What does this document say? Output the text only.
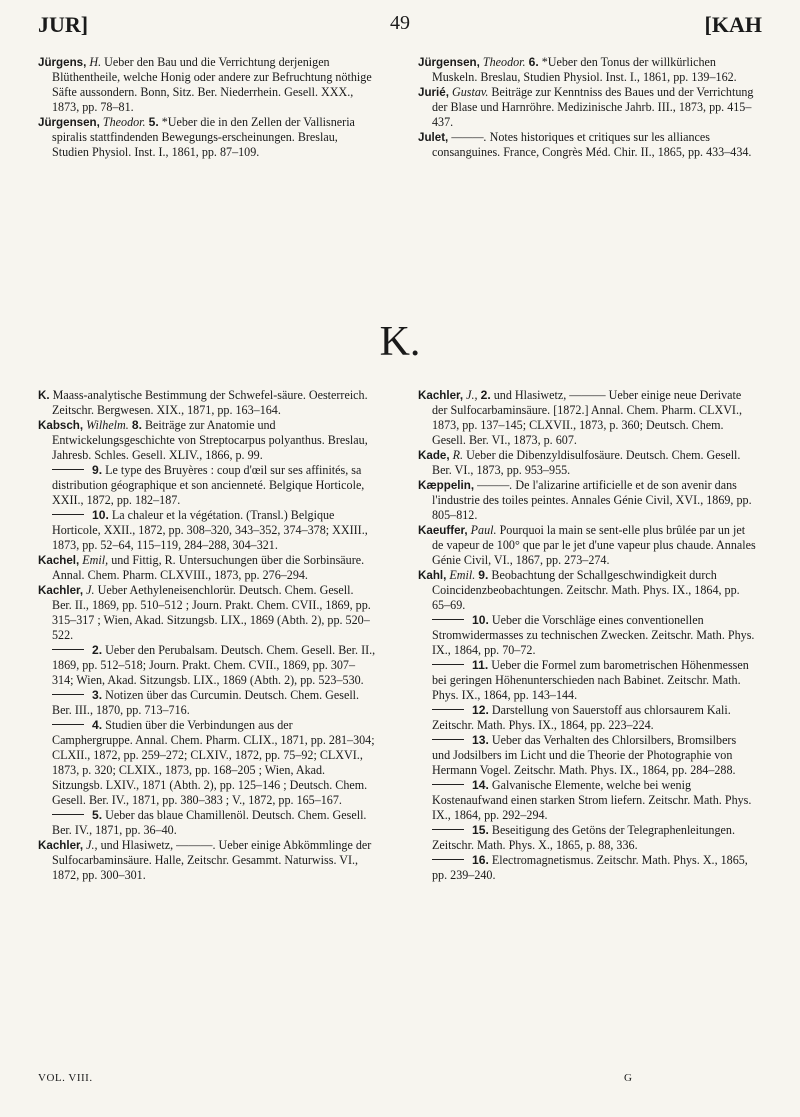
JUR]	49	[KAH

Jürgens, H. Ueber den Bau und die Verrichtung derjenigen Blüthentheile, welche Honig oder andere zur Befruchtung nöthige Säfte aussondern. Bonn, Sitz. Ber. Niederrhein. Gesell. XXX., 1873, pp. 78–81.

Jürgensen, Theodor. 5. *Ueber die in den Zellen der Vallisneria spiralis stattfindenden Bewegungs-erscheinungen. Breslau, Studien Physiol. Inst. I., 1861, pp. 87–109.

Jürgensen, Theodor. 6. *Ueber den Tonus der willkürlichen Muskeln. Breslau, Studien Physiol. Inst. I., 1861, pp. 139–162.

Jurié, Gustav. Beiträge zur Kenntniss des Baues und der Verrichtung der Blase und Harnröhre. Medizinische Jahrb. III., 1873, pp. 415–437.

Julet, ———. Notes historiques et critiques sur les alliances consanguines. France, Congrès Méd. Chir. II., 1865, pp. 433–434.

K.

K. Maass-analytische Bestimmung der Schwefel-säure. Oesterreich. Zeitschr. Bergwesen. XIX., 1871, pp. 163–164.

Kabsch, Wilhelm. 8. Beiträge zur Anatomie und Entwickelungsgeschichte von Streptocarpus polyanthus. Breslau, Jahresb. Schles. Gesell. XLIV., 1866, p. 99.

9. Le type des Bruyères : coup d'œil sur ses affinités, sa distribution géographique et son ancienneté. Belgique Horticole, XXII., 1872, pp. 182–187.

10. La chaleur et la végétation. (Transl.) Belgique Horticole, XXII., 1872, pp. 308–320, 343–352, 374–378; XXIII., 1873, pp. 52–64, 115–119, 284–288, 304–321.

Kachel, Emil, und Fittig, R. Untersuchungen über die Sorbinsäure. Annal. Chem. Pharm. CLXVIII., 1873, pp. 276–294.

Kachler, J. Ueber Aethyleneisenchlorür. Deutsch. Chem. Gesell. Ber. II., 1869, pp. 510–512 ; Journ. Prakt. Chem. CVII., 1869, pp. 315–317 ; Wien, Akad. Sitzungsb. LIX., 1869 (Abth. 2), pp. 520–522.

2. Ueber den Perubalsam. Deutsch. Chem. Gesell. Ber. II., 1869, pp. 512–518; Journ. Prakt. Chem. CVII., 1869, pp. 307–314; Wien, Akad. Sitzungsb. LIX., 1869 (Abth. 2), pp. 523–530.

3. Notizen über das Curcumin. Deutsch. Chem. Gesell. Ber. III., 1870, pp. 713–716.

4. Studien über die Verbindungen aus der Camphergruppe. Annal. Chem. Pharm. CLIX., 1871, pp. 281–304; CLXII., 1872, pp. 259–272; CLXIV., 1872, pp. 75–92; CLXVI., 1873, p. 320; CLXIX., 1873, pp. 168–205 ; Wien, Akad. Sitzungsb. LXIV., 1871 (Abth. 2), pp. 125–146 ; Deutsch. Chem. Gesell. Ber. IV., 1871, pp. 380–383 ; V., 1872, pp. 165–167.

5. Ueber das blaue Chamillenöl. Deutsch. Chem. Gesell. Ber. IV., 1871, pp. 36–40.

Kachler, J., und Hlasiwetz, ———. Ueber einige Abkömmlinge der Sulfocarbaminsäure. Halle, Zeitschr. Gesammt. Naturwiss. VI., 1872, pp. 300–301.

Kachler, J., 2. und Hlasiwetz, ——— Ueber einige neue Derivate der Sulfocarbaminsäure. [1872.] Annal. Chem. Pharm. CLXVI., 1873, pp. 137–145; CLXVII., 1873, p. 360; Deutsch. Chem. Gesell. Ber. VI., 1873, p. 607.

Kade, R. Ueber die Dibenzyldisulfosäure. Deutsch. Chem. Gesell. Ber. VI., 1873, pp. 953–955.

Kæppelin, ———. De l'alizarine artificielle et de son avenir dans l'industrie des toiles peintes. Annales Génie Civil, XVI., 1869, pp. 805–812.

Kaeuffer, Paul. Pourquoi la main se sent-elle plus brûlée par un jet de vapeur de 100° que par le jet d'une vapeur plus chaude. Annales Génie Civil, VI., 1867, pp. 273–274.

Kahl, Emil. 9. Beobachtung der Schallgeschwindigkeit durch Coincidenzbeobachtungen. Zeitschr. Math. Phys. IX., 1864, pp. 65–69.

10. Ueber die Vorschläge eines conventionellen Stromwidermasses zu technischen Zwecken. Zeitschr. Math. Phys. IX., 1864, pp. 70–72.

11. Ueber die Formel zum barometrischen Höhenmessen bei geringen Höhenunterschieden nach Babinet. Zeitschr. Math. Phys. IX., 1864, pp. 143–144.

12. Darstellung von Sauerstoff aus chlorsaurem Kali. Zeitschr. Math. Phys. IX., 1864, pp. 223–224.

13. Ueber das Verhalten des Chlorsilbers, Bromsilbers und Jodsilbers im Licht und die Theorie der Photographie von Hermann Vogel. Zeitschr. Math. Phys. IX., 1864, pp. 284–288.

14. Galvanische Elemente, welche bei wenig Kostenaufwand einen starken Strom liefern. Zeitschr. Math. Phys. IX., 1864, pp. 292–294.

15. Beseitigung des Getöns der Telegraphenleitungen. Zeitschr. Math. Phys. X., 1865, p. 88, 336.

16. Electromagnetismus. Zeitschr. Math. Phys. X., 1865, pp. 239–240.

VOL. VIII.	G
